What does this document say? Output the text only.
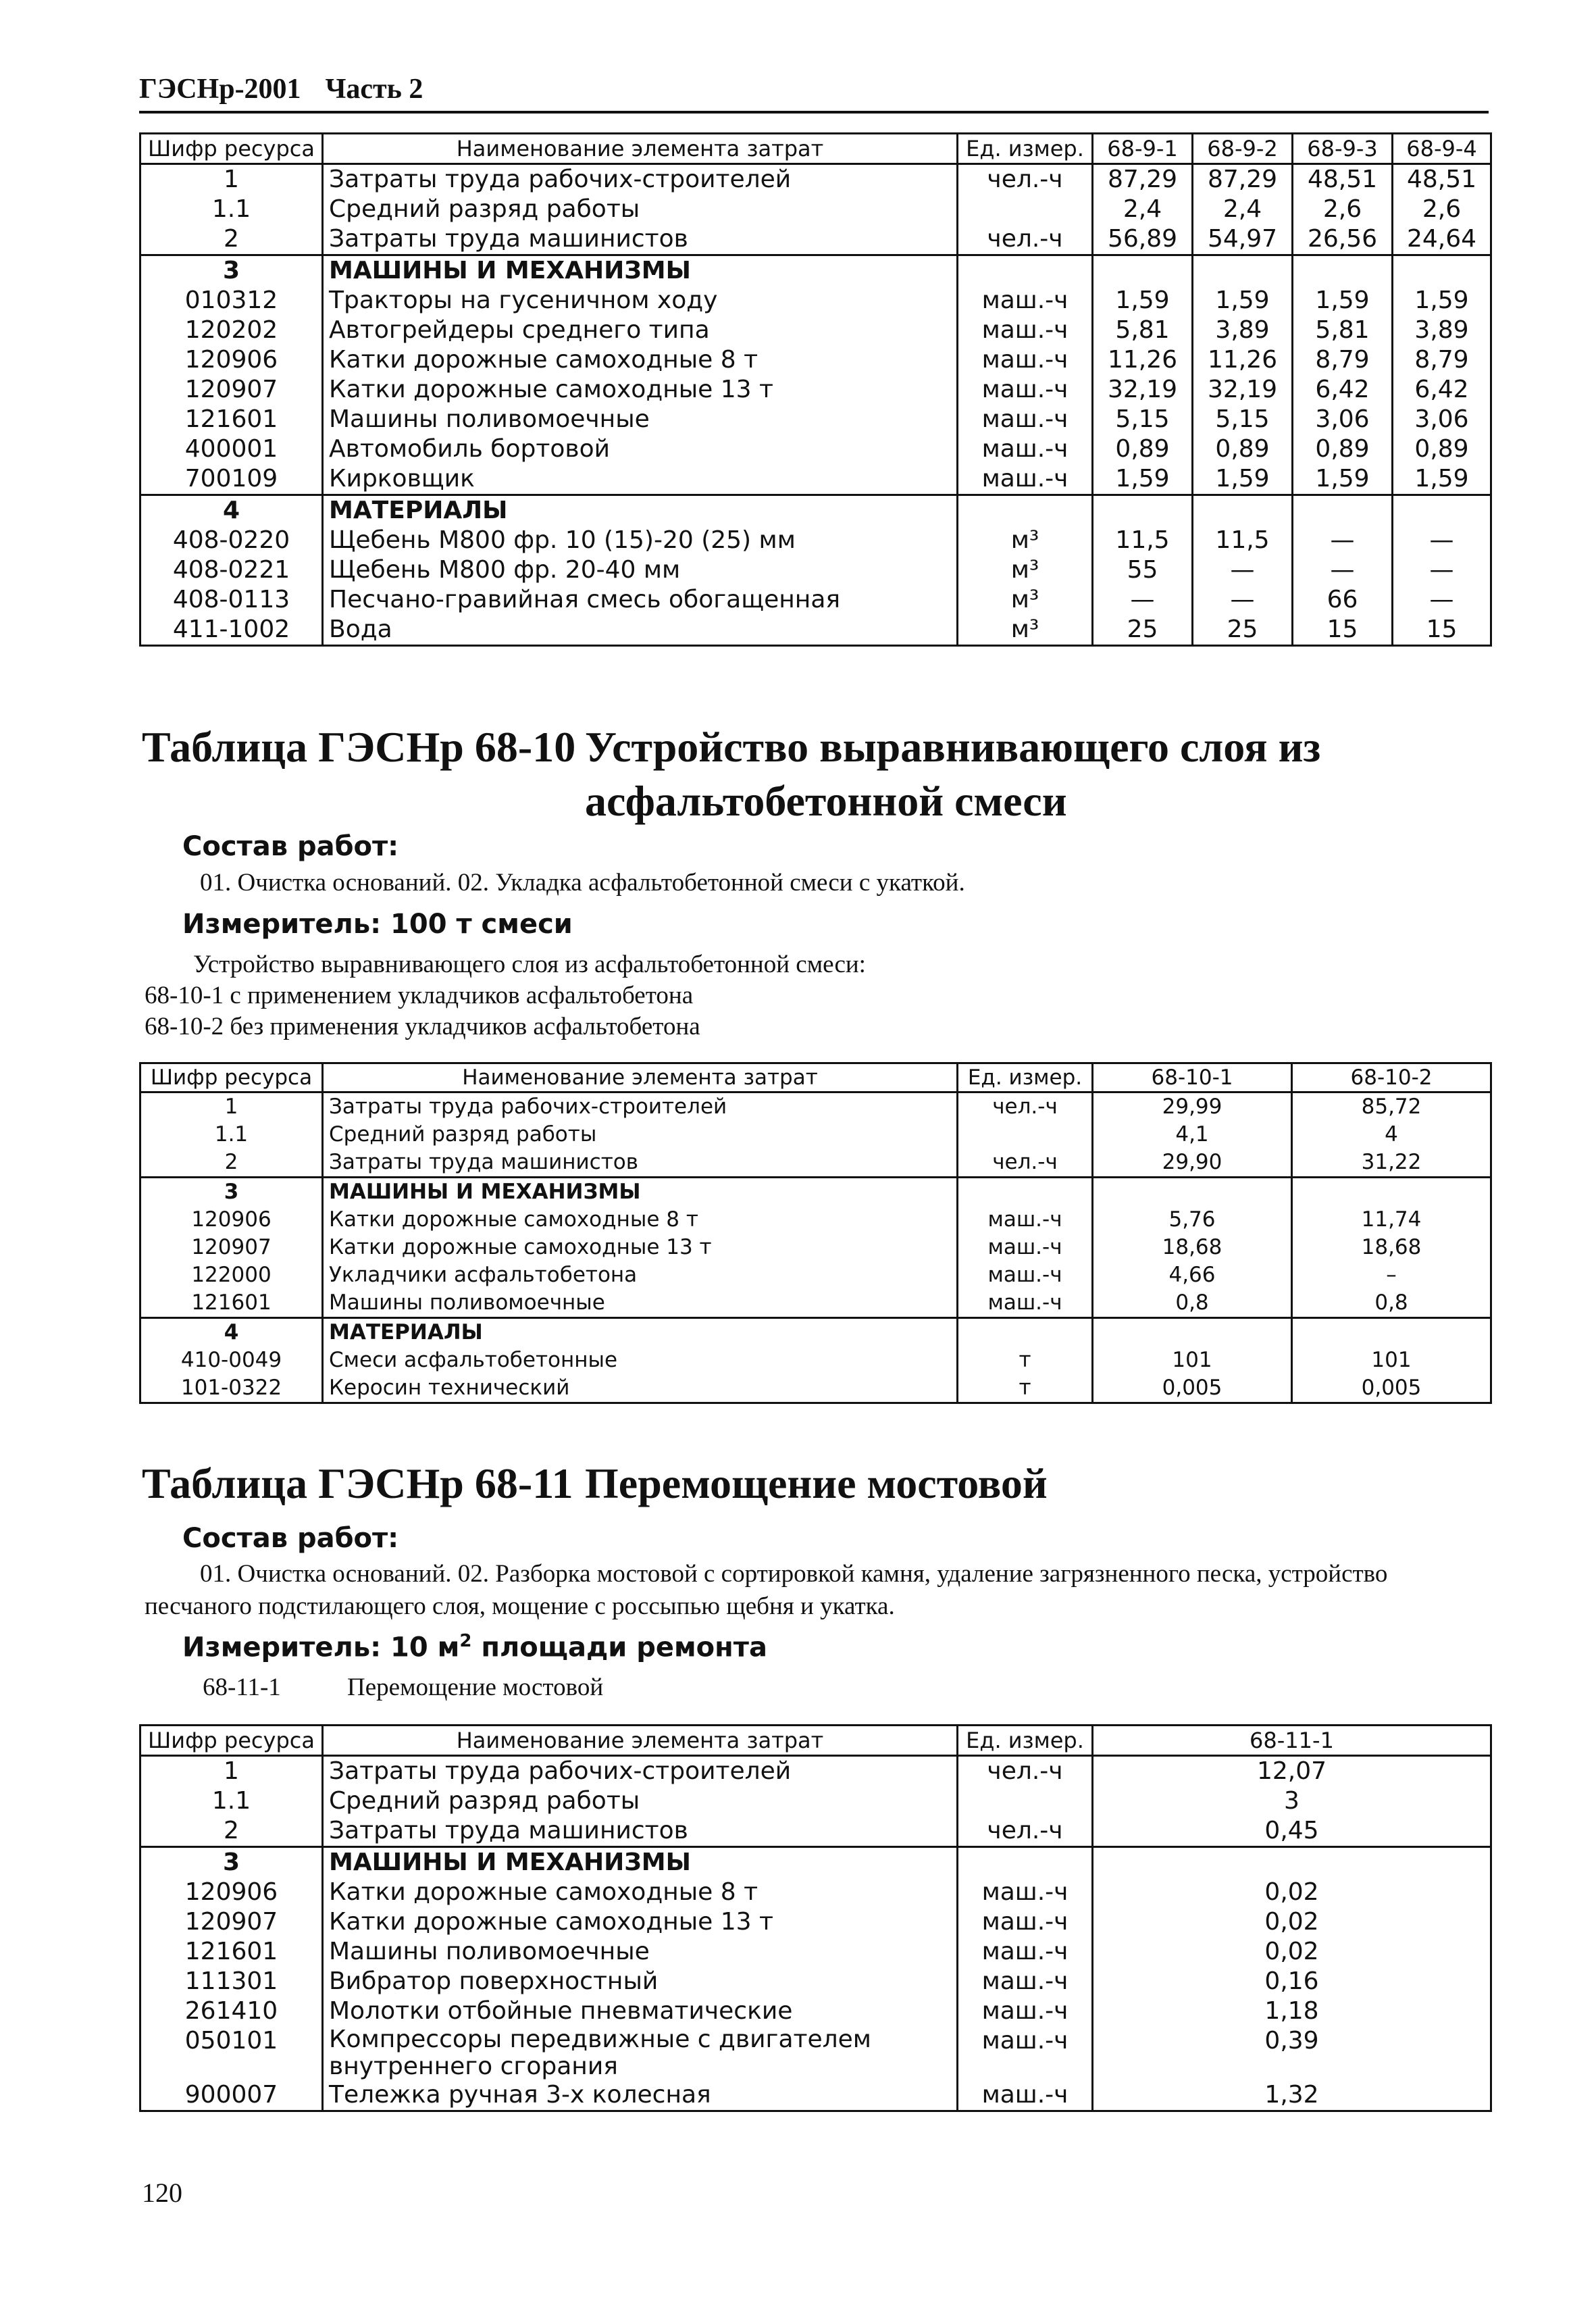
ГЭСНр-2001 Часть 2
Шифр ресурса	Наименование элемента затрат	Ед. измер.	68-9-1	68-9-2	68-9-3	68-9-4
1	Затраты труда рабочих-строителей	чел.-ч	87,29	87,29	48,51	48,51
1.1	Средний разряд работы		2,4	2,4	2,6	2,6
2	Затраты труда машинистов	чел.-ч	56,89	54,97	26,56	24,64
3	МАШИНЫ И МЕХАНИЗМЫ					
010312	Тракторы на гусеничном ходу	маш.-ч	1,59	1,59	1,59	1,59
120202	Автогрейдеры среднего типа	маш.-ч	5,81	3,89	5,81	3,89
120906	Катки дорожные самоходные 8 т	маш.-ч	11,26	11,26	8,79	8,79
120907	Катки дорожные самоходные 13 т	маш.-ч	32,19	32,19	6,42	6,42
121601	Машины поливомоечные	маш.-ч	5,15	5,15	3,06	3,06
400001	Автомобиль бортовой	маш.-ч	0,89	0,89	0,89	0,89
700109	Кирковщик	маш.-ч	1,59	1,59	1,59	1,59
4	МАТЕРИАЛЫ					
408-0220	Щебень М800 фр. 10 (15)-20 (25) мм	м³	11,5	11,5	—	—
408-0221	Щебень М800 фр. 20-40 мм	м³	55	—	—	—
408-0113	Песчано-гравийная смесь обогащенная	м³	—	—	66	—
411-1002	Вода	м³	25	25	15	15
Таблица ГЭСНр 68-10 Устройство выравнивающего слоя из асфальтобетонной смеси
Состав работ:
01. Очистка оснований. 02. Укладка асфальтобетонной смеси с укаткой.
Измеритель: 100 т смеси
Устройство выравнивающего слоя из асфальтобетонной смеси:
68-10-1 с применением укладчиков асфальтобетона
68-10-2 без применения укладчиков асфальтобетона
Шифр ресурса	Наименование элемента затрат	Ед. измер.	68-10-1	68-10-2
1	Затраты труда рабочих-строителей	чел.-ч	29,99	85,72
1.1	Средний разряд работы		4,1	4
2	Затраты труда машинистов	чел.-ч	29,90	31,22
3	МАШИНЫ И МЕХАНИЗМЫ			
120906	Катки дорожные самоходные 8 т	маш.-ч	5,76	11,74
120907	Катки дорожные самоходные 13 т	маш.-ч	18,68	18,68
122000	Укладчики асфальтобетона	маш.-ч	4,66	–
121601	Машины поливомоечные	маш.-ч	0,8	0,8
4	МАТЕРИАЛЫ			
410-0049	Смеси асфальтобетонные	т	101	101
101-0322	Керосин технический	т	0,005	0,005
Таблица ГЭСНр 68-11 Перемощение мостовой
Состав работ:
01. Очистка оснований. 02. Разборка мостовой с сортировкой камня, удаление загрязненного песка, устройство песчаного подстилающего слоя, мощение с россыпью щебня и укатка.
Измеритель: 10 $м^2$ площади ремонта
68-11-1	Перемощение мостовой
Шифр ресурса	Наименование элемента затрат	Ед. измер.	68-11-1
1	Затраты труда рабочих-строителей	чел.-ч	12,07
1.1	Средний разряд работы		3
2	Затраты труда машинистов	чел.-ч	0,45
3	МАШИНЫ И МЕХАНИЗМЫ		
120906	Катки дорожные самоходные 8 т	маш.-ч	0,02
120907	Катки дорожные самоходные 13 т	маш.-ч	0,02
121601	Машины поливомоечные	маш.-ч	0,02
111301	Вибратор поверхностный	маш.-ч	0,16
261410	Молотки отбойные пневматические	маш.-ч	1,18
050101	Компрессоры передвижные с двигателем внутреннего сгорания	маш.-ч	0,39
900007	Тележка ручная 3-х колесная	маш.-ч	1,32
120
